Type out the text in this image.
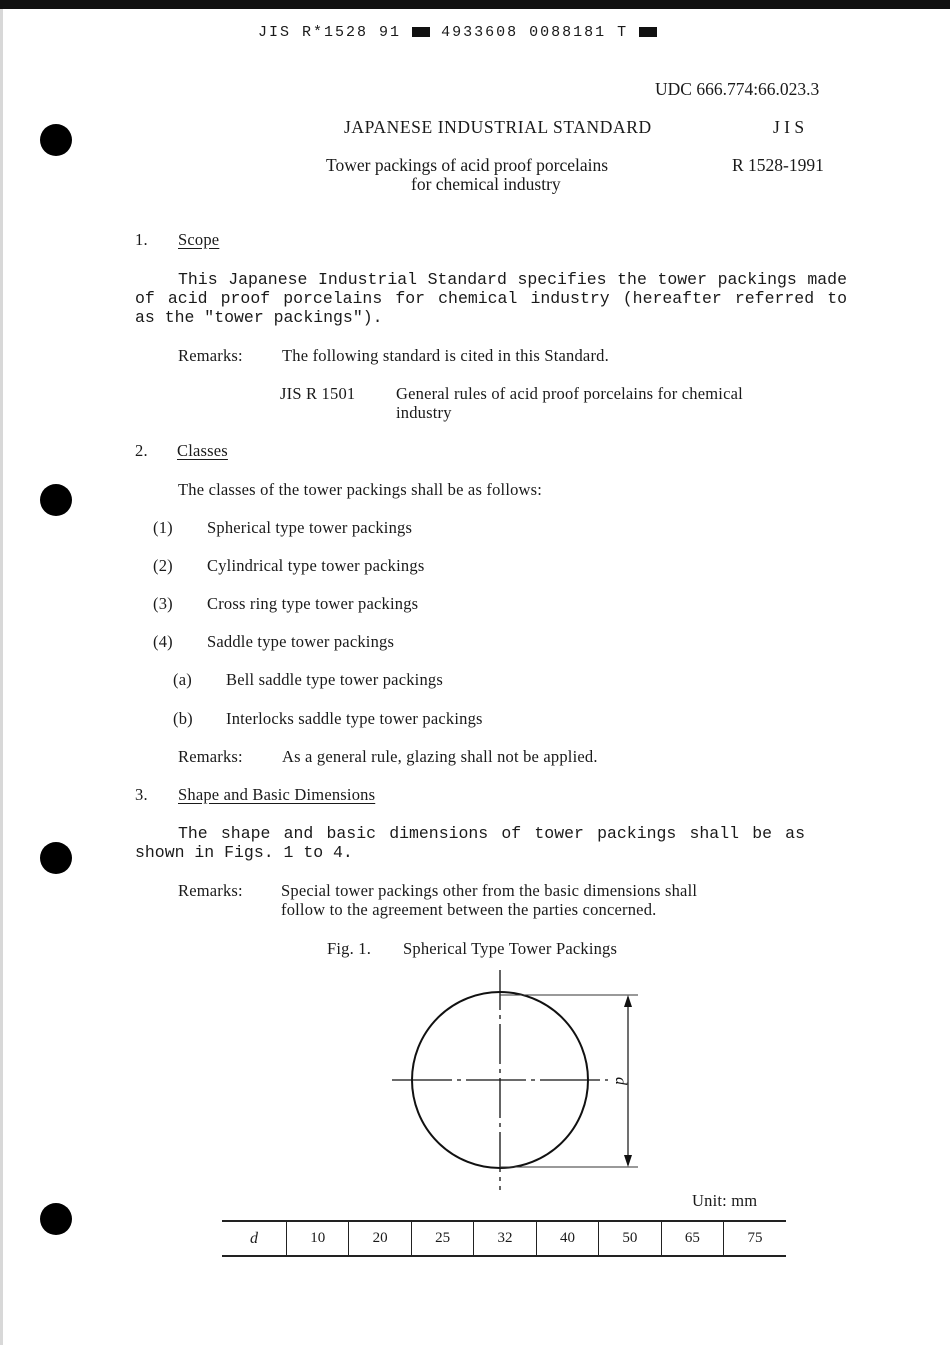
JIS R*1528 91	4933608 0088181 T
UDC 666.774:66.023.3
JAPANESE INDUSTRIAL STANDARD	J I S
Tower packings of acid proof porcelains
for chemical industry
R 1528-1991
1. Scope
This Japanese Industrial Standard specifies the tower packings made of acid proof porcelains for chemical industry (hereafter referred to as the "tower packings").
Remarks: The following standard is cited in this Standard.
JIS R 1501 General rules of acid proof porcelains for chemical
industry
2. Classes
The classes of the tower packings shall be as follows:
(1) Spherical type tower packings
(2) Cylindrical type tower packings
(3) Cross ring type tower packings
(4) Saddle type tower packings
(a) Bell saddle type tower packings
(b) Interlocks saddle type tower packings
Remarks: As a general rule, glazing shall not be applied.
3. Shape and Basic Dimensions
The shape and basic dimensions of tower packings shall be as shown in Figs. 1 to 4.
Remarks: Special tower packings other from the basic dimensions shall
follow to the agreement between the parties concerned.
Fig. 1. Spherical Type Tower Packings
d
Unit: mm
d	10	20	25	32	40	50	65	75
